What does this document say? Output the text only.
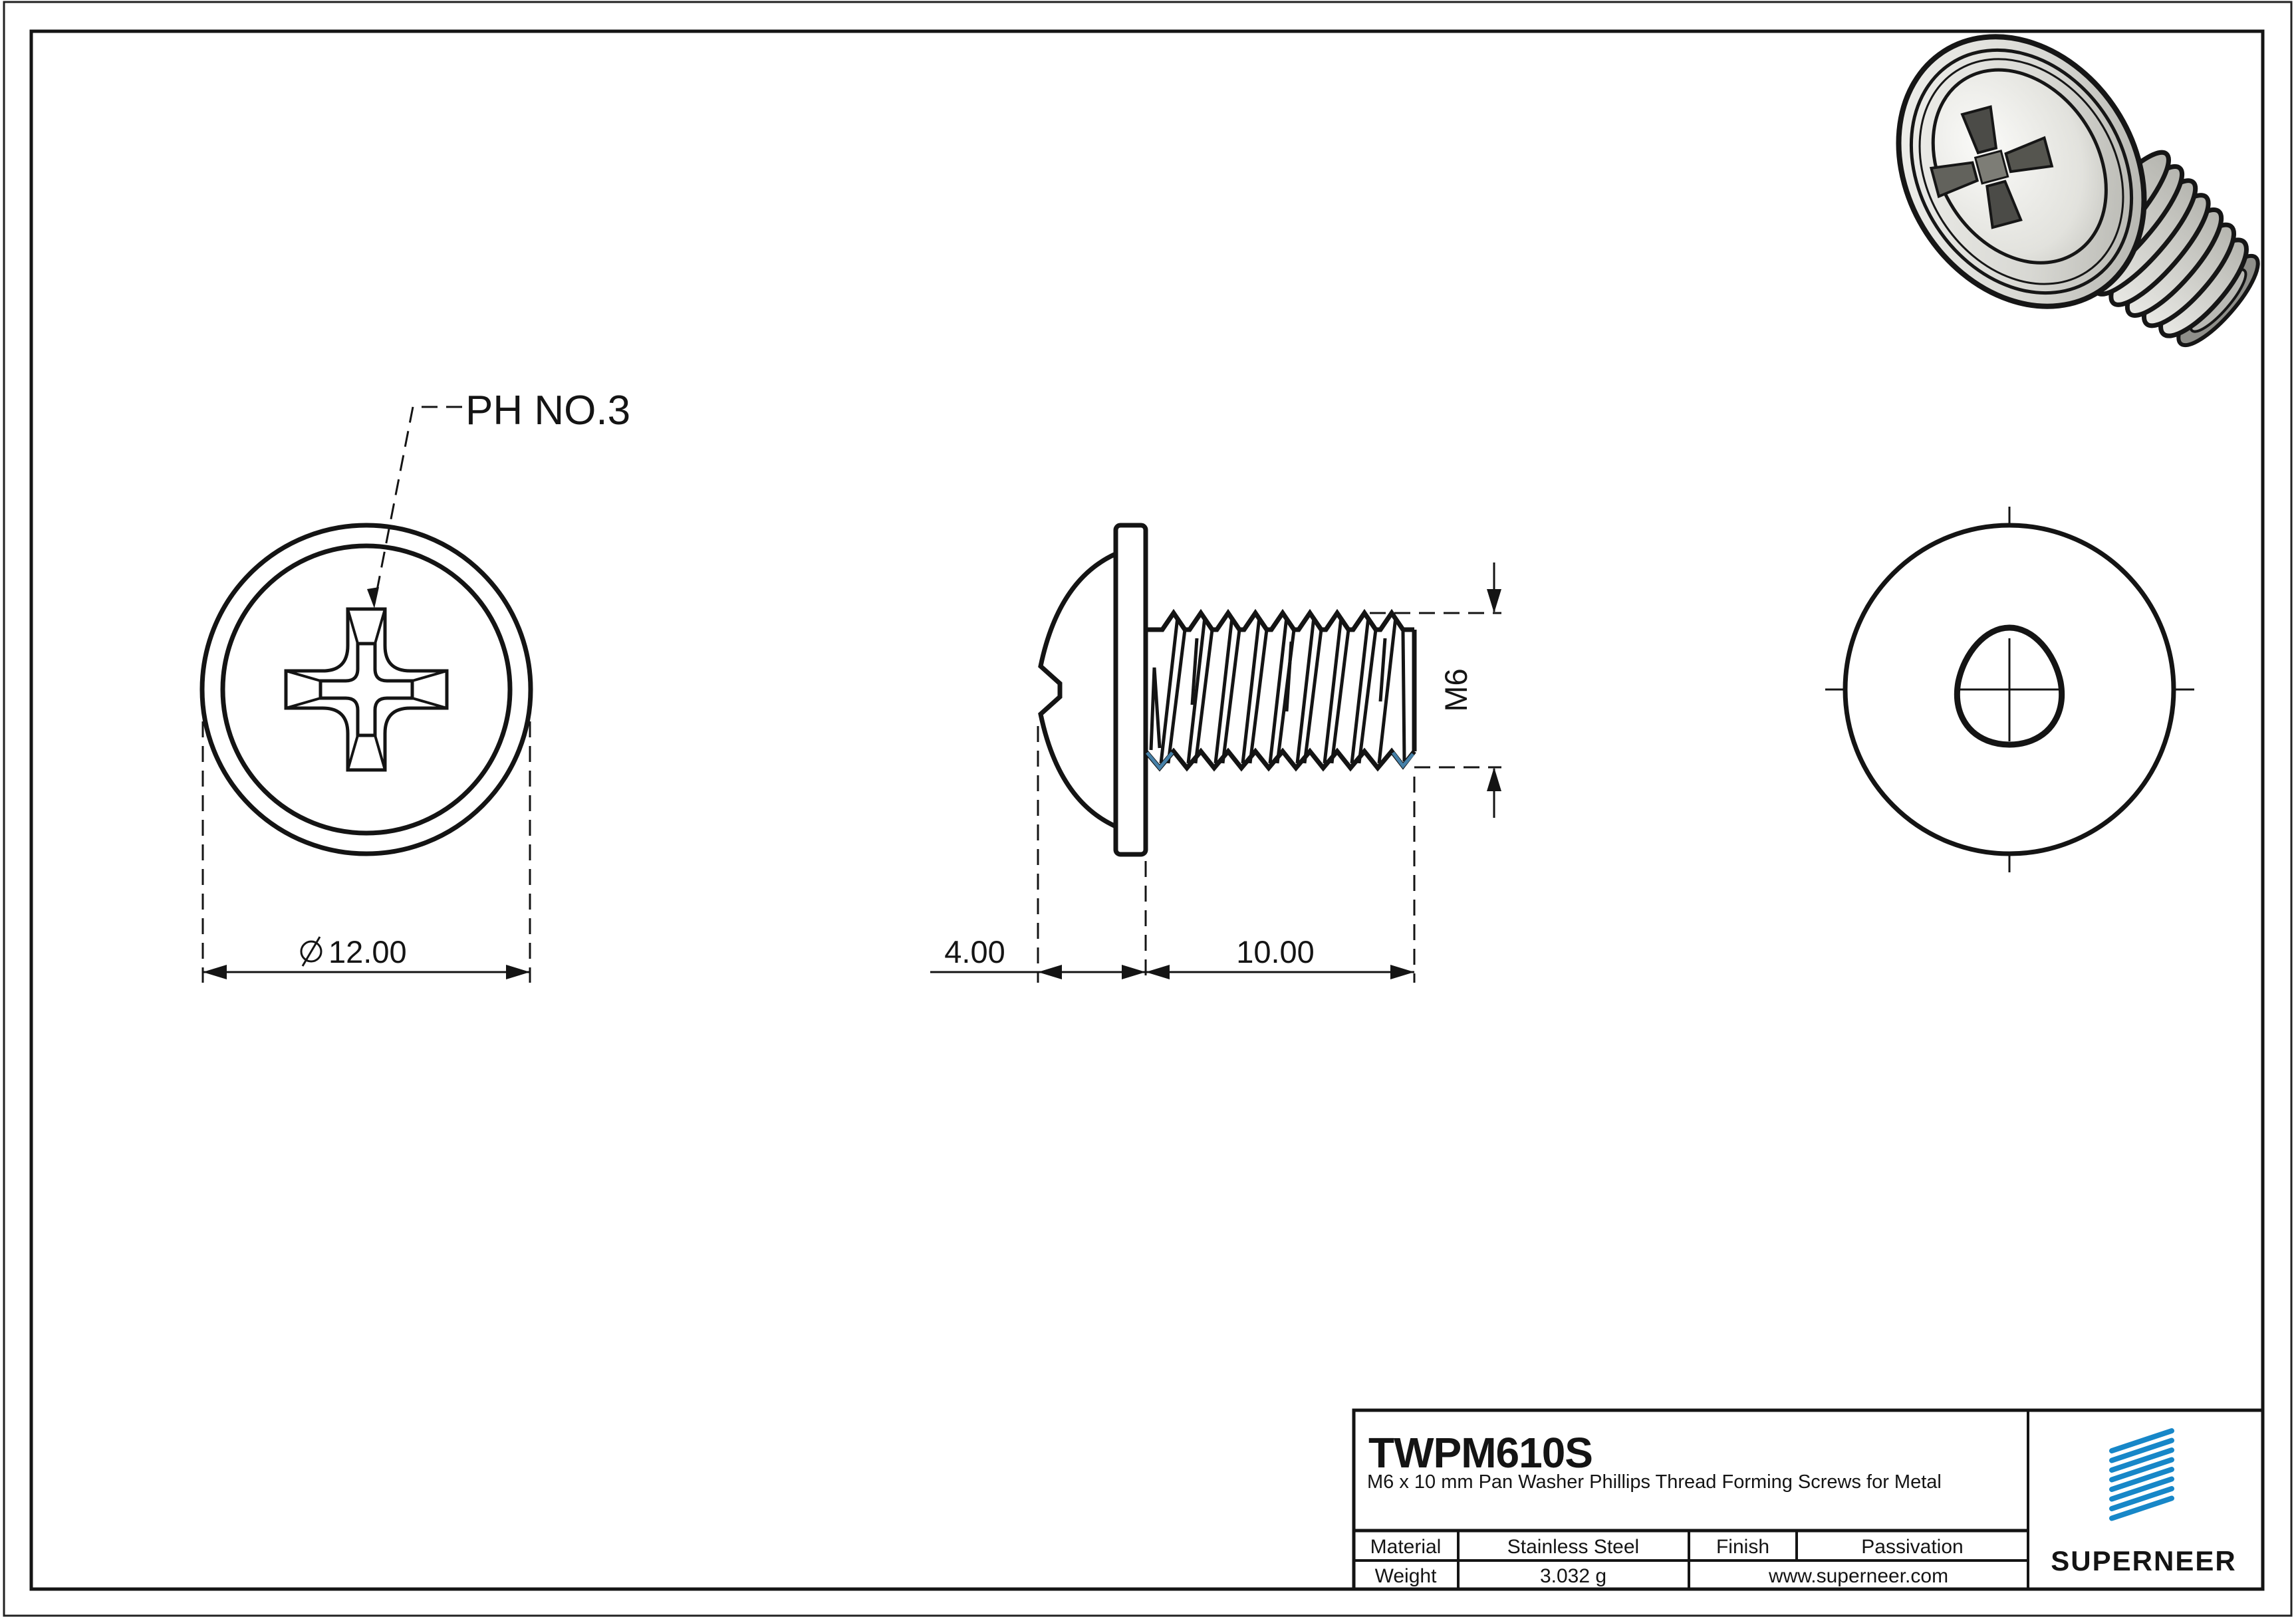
PH NO.3
12.00	4.00	10.00
M6
TWPM610S
M6 x 10 mm Pan Washer Phillips Thread Forming Screws for Metal
Material	Stainless Steel	Finish	Passivation
Weight	3.032 g	www.superneer.com	SUPERNEER
